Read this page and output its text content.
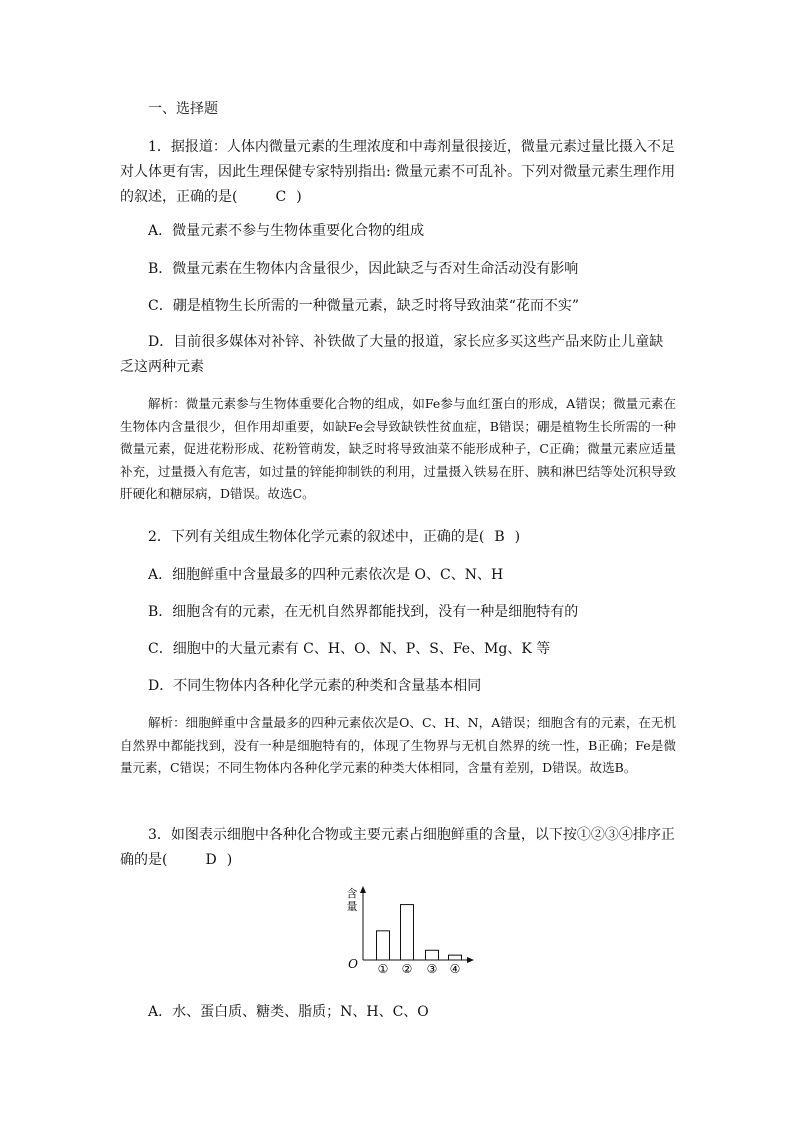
一、选择题
1．据报道：人体内微量元素的生理浓度和中毒剂量很接近，微量元素过量比摄入不足对人体更有害，因此生理保健专家特别指出: 微量元素不可乱补。下列对微量元素生理作用的叙述，正确的是(	C )
A．微量元素不参与生物体重要化合物的组成
B．微量元素在生物体内含量很少，因此缺乏与否对生命活动没有影响
C．硼是植物生长所需的一种微量元素，缺乏时将导致油菜“花而不实”
D．目前很多媒体对补锌、补铁做了大量的报道，家长应多买这些产品来防止儿童缺乏这两种元素
解析：微量元素参与生物体重要化合物的组成，如Fe参与血红蛋白的形成，A错误；微量元素在生物体内含量很少，但作用却重要，如缺Fe会导致缺铁性贫血症，B错误；硼是植物生长所需的一种微量元素，促进花粉形成、花粉管萌发，缺乏时将导致油菜不能形成种子，C正确；微量元素应适量补充，过量摄入有危害，如过量的锌能抑制铁的利用，过量摄入铁易在肝、胰和淋巴结等处沉积导致肝硬化和糖尿病，D错误。故选C。
2．下列有关组成生物体化学元素的叙述中，正确的是( B )
A．细胞鲜重中含量最多的四种元素依次是 O、C、N、H
B．细胞含有的元素，在无机自然界都能找到，没有一种是细胞特有的
C．细胞中的大量元素有 C、H、O、N、P、S、Fe、Mg、K 等
D．不同生物体内各种化学元素的种类和含量基本相同
解析：细胞鲜重中含量最多的四种元素依次是O、C、H、N，A错误；细胞含有的元素，在无机自然界中都能找到，没有一种是细胞特有的，体现了生物界与无机自然界的统一性，B正确；Fe是微量元素，C错误；不同生物体内各种化学元素的种类大体相同，含量有差别，D错误。故选B。
3．如图表示细胞中各种化合物或主要元素占细胞鲜重的含量，以下按①②③④排序正确的是(	D )
含
量
O ① ② ③ ④
A．水、蛋白质、糖类、脂质；N、H、C、O
